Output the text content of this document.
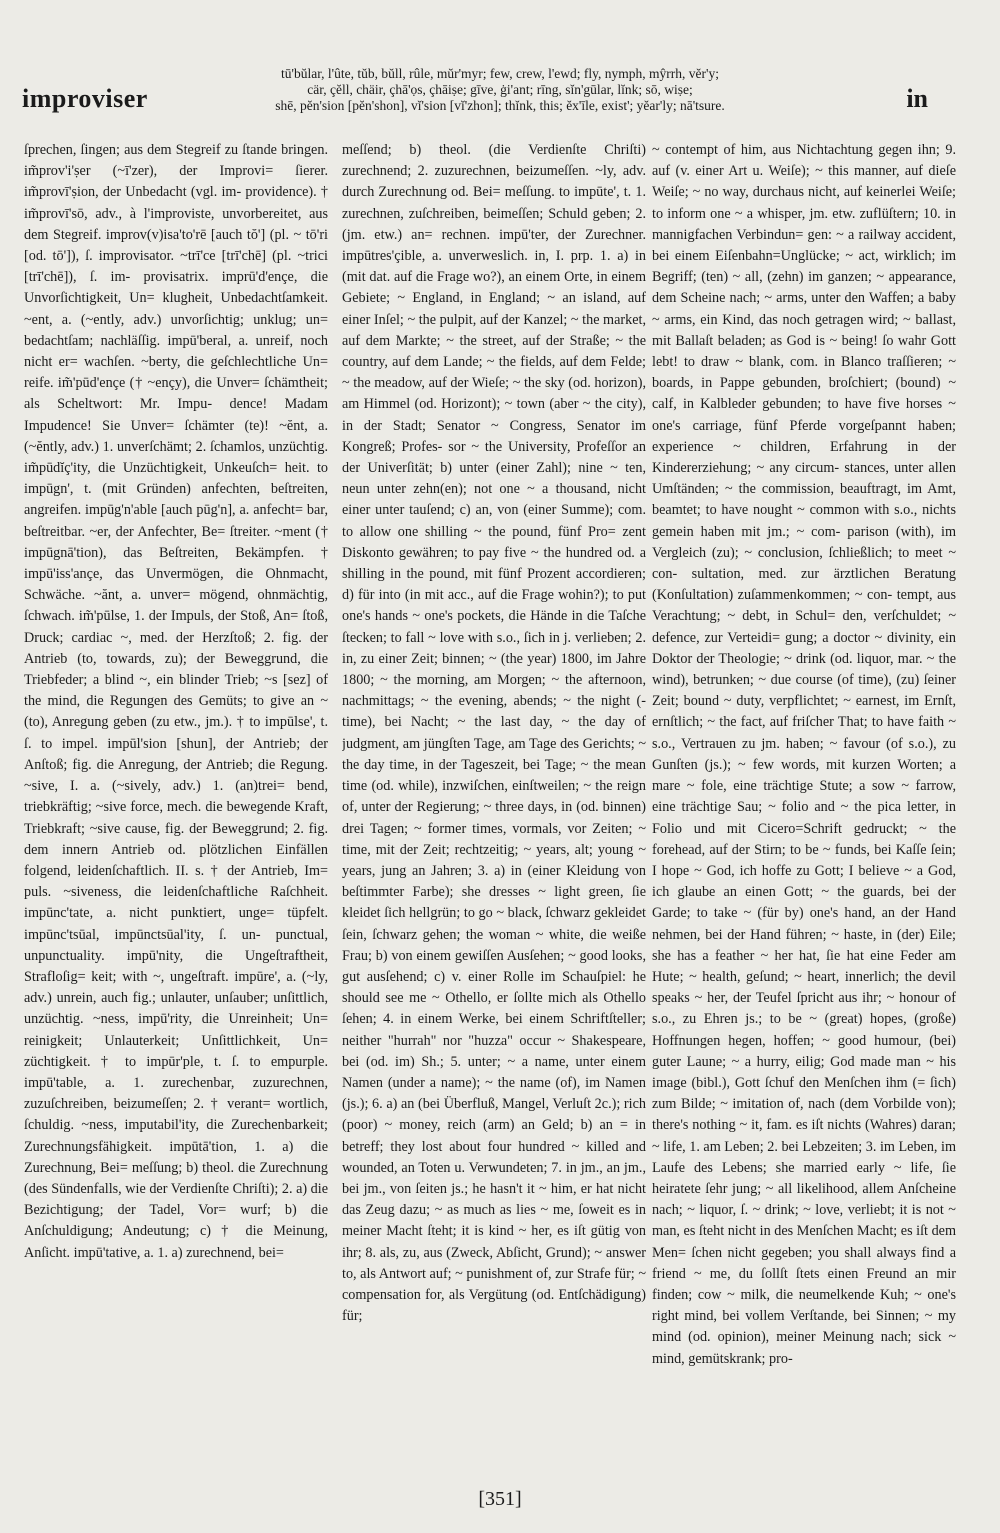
improviser
tū'bŭlar, l'ûte, tŭb, bŭll, rûle, mŭr'myr; few, crew, l'ewd; fly, nymph, mŷrrh, vĕr'y;
cär, çĕll, chäir, çhā'ọs, çhāiṣe; gīve, ġi'ant; rīng, sĭn'gūlar, lĭnk; sō, wiṣe;
shē, pĕn'sion [pĕn'shon], vĭ'sion [vĭ'zhon]; thĭnk, this; ĕx'īle, exist'; yĕar'ly; nā'tsure.	in

ſprechen, ſingen; aus dem Stegreif zu ſtande bringen. im̃prov'i'ṣer (~ī'zer), der Improvi= ſierer. im̃provī'ṣion, der Unbedacht (vgl. im- providence). † im̃provī'sō, adv., à l'improviste, unvorbereitet, aus dem Stegreif. improv(v)isa'to'rē [auch tŏ'] (pl. ~ tō'ri [od. tō']), ſ. improvisator. ~trī'ce [trī'chē] (pl. ~trici [trī'chē]), ſ. im- provisatrix. imprū'd'ençe, die Unvorſichtigkeit, Un= klugheit, Unbedachtſamkeit. ~ent, a. (~ently, adv.) unvorſichtig; unklug; un= bedachtſam; nachläſſig. impū'beral, a. unreif, noch nicht er= wachſen. ~berty, die geſchlechtliche Un= reife. im̃'pūd'ençe († ~ençy), die Unver= ſchämtheit; als Scheltwort: Mr. Impu- dence! Madam Impudence! Sie Unver= ſchämter (te)! ~ĕnt, a. (~ĕntly, adv.) 1. unverſchämt; 2. ſchamlos, unzüchtig. im̃pūdĭç'ity, die Unzüchtigkeit, Unkeuſch= heit. to impūgn', t. (mit Gründen) anfechten, beſtreiten, angreifen. impūg'n'able [auch pūg'n], a. anfecht= bar, beſtreitbar. ~er, der Anfechter, Be= ſtreiter. ~ment († impūgnā'tion), das Beſtreiten, Bekämpfen. † impū'iss'ançe, das Unvermögen, die Ohnmacht, Schwäche. ~ănt, a. unver= mögend, ohnmächtig, ſchwach. im̃'pūlse, 1. der Impuls, der Stoß, An= ſtoß, Druck; cardiac ~, med. der Herzſtoß; 2. fig. der Antrieb (to, towards, zu); der Beweggrund, die Triebfeder; a blind ~, ein blinder Trieb; ~s [sez] of the mind, die Regungen des Gemüts; to give an ~ (to), Anregung geben (zu etw., jm.). † to impūlse', t. ſ. to impel. impūl'sion [shun], der Antrieb; der Anſtoß; fig. die Anregung, der Antrieb; die Regung. ~sive, I. a. (~sively, adv.) 1. (an)trei= bend, triebkräftig; ~sive force, mech. die bewegende Kraft, Triebkraft; ~sive cause, fig. der Beweggrund; 2. fig. dem innern Antrieb od. plötzlichen Einfällen folgend, leidenſchaftlich. II. s. † der Antrieb, Im= puls. ~siveness, die leidenſchaftliche Raſchheit. impūnc'tate, a. nicht punktiert, unge= tüpfelt. impūnc'tsūal, impūnctsūal'ity, ſ. un- punctual, unpunctuality. impū'nity, die Ungeſtraftheit, Strafloſig= keit; with ~, ungeſtraft. impūre', a. (~ly, adv.) unrein, auch fig.; unlauter, unſauber; unſittlich, unzüchtig. ~ness, impū'rity, die Unreinheit; Un= reinigkeit; Unlauterkeit; Unſittlichkeit, Un= züchtigkeit. † to impūr'ple, t. ſ. to empurple. impū'table, a. 1. zurechenbar, zuzurechnen, zuzuſchreiben, beizumeſſen; 2. † verant= wortlich, ſchuldig. ~ness, imputabil'ity, die Zurechenbarkeit; Zurechnungsfähigkeit. impūtā'tion, 1. a) die Zurechnung, Bei= meſſung; b) theol. die Zurechnung (des Sündenfalls, wie der Verdienſte Chriſti); 2. a) die Bezichtigung; der Tadel, Vor= wurf; b) die Anſchuldigung; Andeutung; c) † die Meinung, Anſicht. impū'tative, a. 1. a) zurechnend, bei=

meſſend; b) theol. (die Verdienſte Chriſti) zurechnend; 2. zuzurechnen, beizumeſſen. ~ly, adv. durch Zurechnung od. Bei= meſſung. to impūte', t. 1. zurechnen, zuſchreiben, beimeſſen; Schuld geben; 2. (jm. etw.) an= rechnen. impū'ter, der Zurechner. impūtres'çible, a. unverweslich. in, I. prp. 1. a) in (mit dat. auf die Frage wo?), an einem Orte, in einem Gebiete; ~ England, in England; ~ an island, auf einer Inſel; ~ the pulpit, auf der Kanzel; ~ the market, auf dem Markte; ~ the street, auf der Straße; ~ the country, auf dem Lande; ~ the fields, auf dem Felde; ~ the meadow, auf der Wieſe; ~ the sky (od. horizon), am Himmel (od. Horizont); ~ town (aber ~ the city), in der Stadt; Senator ~ Congress, Senator im Kongreß; Profes- sor ~ the University, Profeſſor an der Univerſität; b) unter (einer Zahl); nine ~ ten, neun unter zehn(en); not one ~ a thousand, nicht einer unter tauſend; c) an, von (einer Summe); com. to allow one shilling ~ the pound, fünf Pro= zent Diskonto gewähren; to pay five ~ the hundred od. a shilling in the pound, mit fünf Prozent accordieren; d) für into (in mit acc., auf die Frage wohin?); to put one's hands ~ one's pockets, die Hände in die Taſche ſtecken; to fall ~ love with s.o., ſich in j. verlieben; 2. in, zu einer Zeit; binnen; ~ (the year) 1800, im Jahre 1800; ~ the morning, am Morgen; ~ the afternoon, nachmittags; ~ the evening, abends; ~ the night (-time), bei Nacht; ~ the last day, ~ the day of judgment, am jüngſten Tage, am Tage des Gerichts; ~ the day time, in der Tageszeit, bei Tage; ~ the mean time (od. while), inzwiſchen, einſtweilen; ~ the reign of, unter der Regierung; ~ three days, in (od. binnen) drei Tagen; ~ former times, vormals, vor Zeiten; ~ time, mit der Zeit; rechtzeitig; ~ years, alt; young ~ years, jung an Jahren; 3. a) in (einer Kleidung von beſtimmter Farbe); she dresses ~ light green, ſie kleidet ſich hellgrün; to go ~ black, ſchwarz gekleidet ſein, ſchwarz gehen; the woman ~ white, die weiße Frau; b) von einem gewiſſen Ausſehen; ~ good looks, gut ausſehend; c) v. einer Rolle im Schauſpiel: he should see me ~ Othello, er ſollte mich als Othello ſehen; 4. in einem Werke, bei einem Schriftſteller; neither "hurrah" nor "huzza" occur ~ Shakespeare, bei (od. im) Sh.; 5. unter; ~ a name, unter einem Namen (under a name); ~ the name (of), im Namen (js.); 6. a) an (bei Überfluß, Mangel, Verluſt 2c.); rich (poor) ~ money, reich (arm) an Geld; b) an = in betreff; they lost about four hundred ~ killed and wounded, an Toten u. Verwundeten; 7. in jm., an jm., bei jm., von ſeiten js.; he hasn't it ~ him, er hat nicht das Zeug dazu; ~ as much as lies ~ me, ſoweit es in meiner Macht ſteht; it is kind ~ her, es iſt gütig von ihr; 8. als, zu, aus (Zweck, Abſicht, Grund); ~ answer to, als Antwort auf; ~ punishment of, zur Strafe für; ~ compensation for, als Vergütung (od. Entſchädigung) für;

~ contempt of him, aus Nichtachtung gegen ihn; 9. auf (v. einer Art u. Weiſe); ~ this manner, auf dieſe Weiſe; ~ no way, durchaus nicht, auf keinerlei Weiſe; to inform one ~ a whisper, jm. etw. zuflüſtern; 10. in mannigfachen Verbindun= gen: ~ a railway accident, bei einem Eiſenbahn=Unglücke; ~ act, wirklich; im Begriff; (ten) ~ all, (zehn) im ganzen; ~ appearance, dem Scheine nach; ~ arms, unter den Waffen; a baby ~ arms, ein Kind, das noch getragen wird; ~ ballast, mit Ballaſt beladen; as God is ~ being! ſo wahr Gott lebt! to draw ~ blank, com. in Blanco traſſieren; ~ boards, in Pappe gebunden, broſchiert; (bound) ~ calf, in Kalbleder gebunden; to have five horses ~ one's carriage, fünf Pferde vorgeſpannt haben; experience ~ children, Erfahrung in der Kindererziehung; ~ any circum- stances, unter allen Umſtänden; ~ the commission, beauftragt, im Amt, beamtet; to have nought ~ common with s.o., nichts gemein haben mit jm.; ~ com- parison (with), im Vergleich (zu); ~ conclusion, ſchließlich; to meet ~ con- sultation, med. zur ärztlichen Beratung (Konſultation) zuſammenkommen; ~ con- tempt, aus Verachtung; ~ debt, in Schul= den, verſchuldet; ~ defence, zur Verteidi= gung; a doctor ~ divinity, ein Doktor der Theologie; ~ drink (od. liquor, mar. ~ the wind), betrunken; ~ due course (of time), (zu) ſeiner Zeit; bound ~ duty, verpflichtet; ~ earnest, im Ernſt, ernſtlich; ~ the fact, auf friſcher That; to have faith ~ s.o., Vertrauen zu jm. haben; ~ favour (of s.o.), zu Gunſten (js.); ~ few words, mit kurzen Worten; a mare ~ fole, eine trächtige Stute; a sow ~ farrow, eine trächtige Sau; ~ folio and ~ the pica letter, in Folio und mit Cicero=Schrift gedruckt; ~ the forehead, auf der Stirn; to be ~ funds, bei Kaſſe ſein; I hope ~ God, ich hoffe zu Gott; I believe ~ a God, ich glaube an einen Gott; ~ the guards, bei der Garde; to take ~ (für by) one's hand, an der Hand nehmen, bei der Hand führen; ~ haste, in (der) Eile; she has a feather ~ her hat, ſie hat eine Feder am Hute; ~ health, geſund; ~ heart, innerlich; the devil speaks ~ her, der Teufel ſpricht aus ihr; ~ honour of s.o., zu Ehren js.; to be ~ (great) hopes, (große) Hoffnungen hegen, hoffen; ~ good humour, (bei) guter Laune; ~ a hurry, eilig; God made man ~ his image (bibl.), Gott ſchuf den Menſchen ihm (= ſich) zum Bilde; ~ imitation of, nach (dem Vorbilde von); there's nothing ~ it, fam. es iſt nichts (Wahres) daran; ~ life, 1. am Leben; 2. bei Lebzeiten; 3. im Leben, im Laufe des Lebens; she married early ~ life, ſie heiratete ſehr jung; ~ all likelihood, allem Anſcheine nach; ~ liquor, ſ. ~ drink; ~ love, verliebt; it is not ~ man, es ſteht nicht in des Menſchen Macht; es iſt dem Men= ſchen nicht gegeben; you shall always find a friend ~ me, du ſollſt ſtets einen Freund an mir finden; cow ~ milk, die neumelkende Kuh; ~ one's right mind, bei vollem Verſtande, bei Sinnen; ~ my mind (od. opinion), meiner Meinung nach; sick ~ mind, gemütskrank; pro-

[351]
